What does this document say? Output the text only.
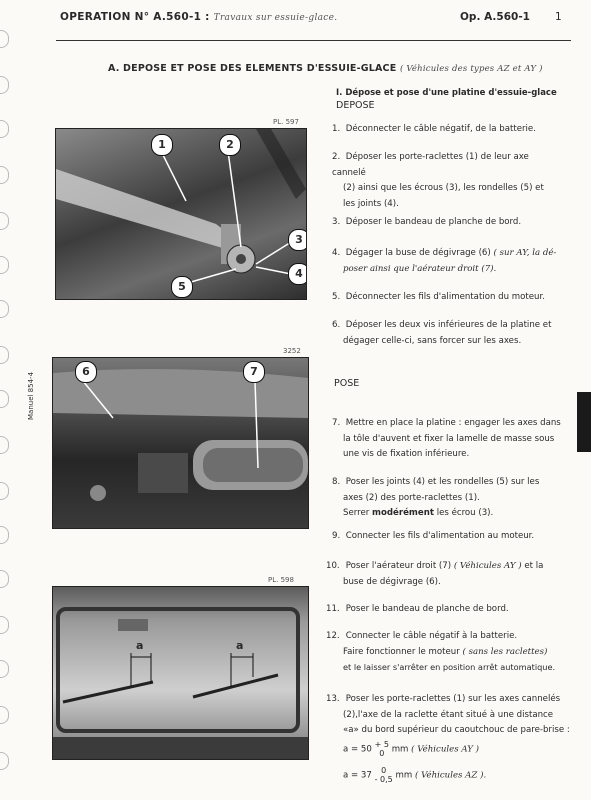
OPERATION N° A.560-1 : Travaux sur essuie-glace.	Op. A.560-1 1
A. DEPOSE ET POSE DES ELEMENTS D'ESSUIE-GLACE ( Véhicules des types AZ et AY )
I. Dépose et pose d'une platine d'essuie-glace
DEPOSE
PL. 597
1	2
3
4
5
3252
6	7
Manuel 854-4
PL. 598
a	a
1. Déconnecter le câble négatif, de la batterie.
2. Déposer les porte-raclettes (1) de leur axe cannelé
(2) ainsi que les écrous (3), les rondelles (5) et
les joints (4).
3. Déposer le bandeau de planche de bord.
4. Dégager la buse de dégivrage (6) ( sur AY, la dé-
poser ainsi que l'aérateur droit (7).
5. Déconnecter les fils d'alimentation du moteur.
6. Déposer les deux vis inférieures de la platine et
dégager celle-ci, sans forcer sur les axes.
POSE
7. Mettre en place la platine : engager les axes dans
la tôle d'auvent et fixer la lamelle de masse sous
une vis de fixation inférieure.
8. Poser les joints (4) et les rondelles (5) sur les
axes (2) des porte-raclettes (1).
Serrer modérément les écrou (3).
9. Connecter les fils d'alimentation au moteur.
10. Poser l'aérateur droit (7) ( Véhicules AY ) et la
buse de dégivrage (6).
11. Poser le bandeau de planche de bord.
12. Connecter le câble négatif à la batterie.
Faire fonctionner le moteur ( sans les raclettes)
et le laisser s'arrêter en position arrêt automatique.
13. Poser les porte-raclettes (1) sur les axes cannelés
(2),l'axe de la raclette étant situé à une distance
«a» du bord supérieur du caoutchouc de pare-brise :
a = 50 + 5
0 mm ( Véhicules AY )
a = 37 0
- 0,5 mm ( Véhicules AZ ).
